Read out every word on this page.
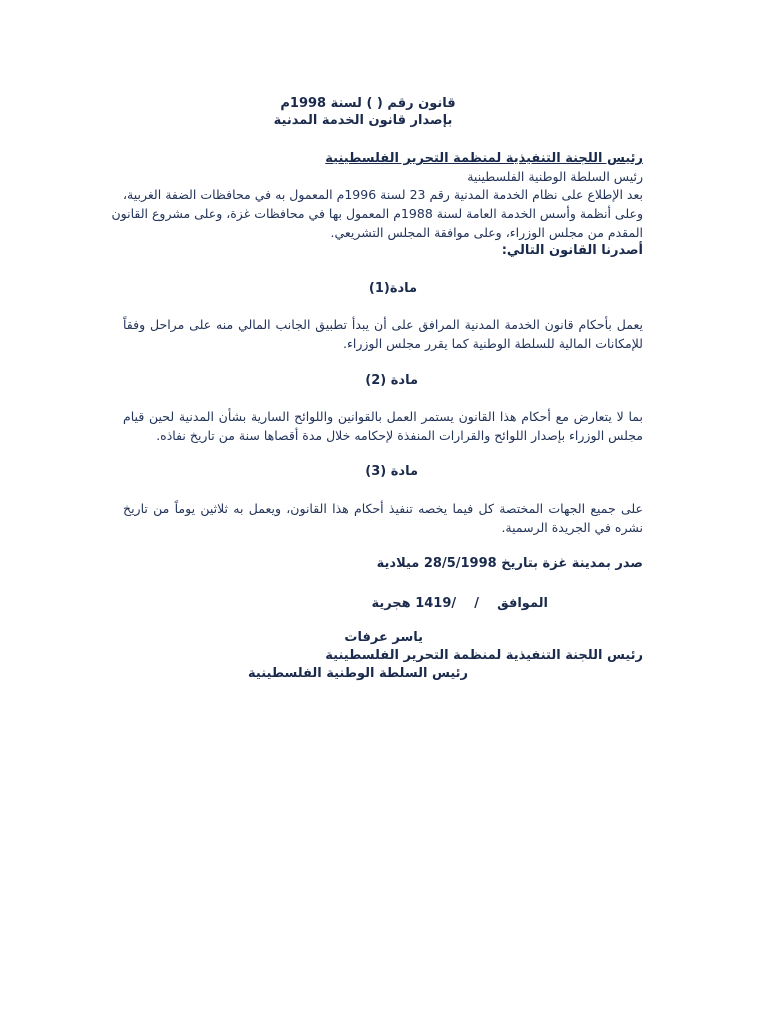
قانون رقم ( ) لسنة 1998م
بإصدار قانون الخدمة المدنية
رئيس اللجنة التنفيذية لمنظمة التحرير الفلسطينية
رئيس السلطة الوطنية الفلسطينية
بعد الإطلاع على نظام الخدمة المدنية رقم 23 لسنة 1996م المعمول به في محافظات الضفة الغربية،
وعلى أنظمة وأسس الخدمة العامة لسنة 1988م المعمول بها في محافظات غزة، وعلى مشروع القانون
المقدم من مجلس الوزراء، وعلى موافقة المجلس التشريعي.
أصدرنا القانون التالي:
مادة(1)
يعمل بأحكام قانون الخدمة المدنية المرافق على أن يبدأ تطبيق الجانب المالي منه على مراحل وفقاً
للإمكانات المالية للسلطة الوطنية كما يقرر مجلس الوزراء.
مادة (2)
بما لا يتعارض مع أحكام هذا القانون يستمر العمل بالقوانين واللوائح السارية بشأن المدنية لحين قيام
مجلس الوزراء بإصدار اللوائح والقرارات المنفذة لإحكامه خلال مدة أقصاها سنة من تاريخ نفاذه.
مادة (3)
على جميع الجهات المختصة كل فيما يخصه تنفيذ أحكام هذا القانون، ويعمل به ثلاثين يوماً من تاريخ
نشره في الجريدة الرسمية.
صدر بمدينة غزة بتاريخ 28/5/1998 ميلادية
الموافق    /    /1419 هجرية
ياسر عرفات
رئيس اللجنة التنفيذية لمنظمة التحرير الفلسطينية
رئيس السلطة الوطنية الفلسطينية
